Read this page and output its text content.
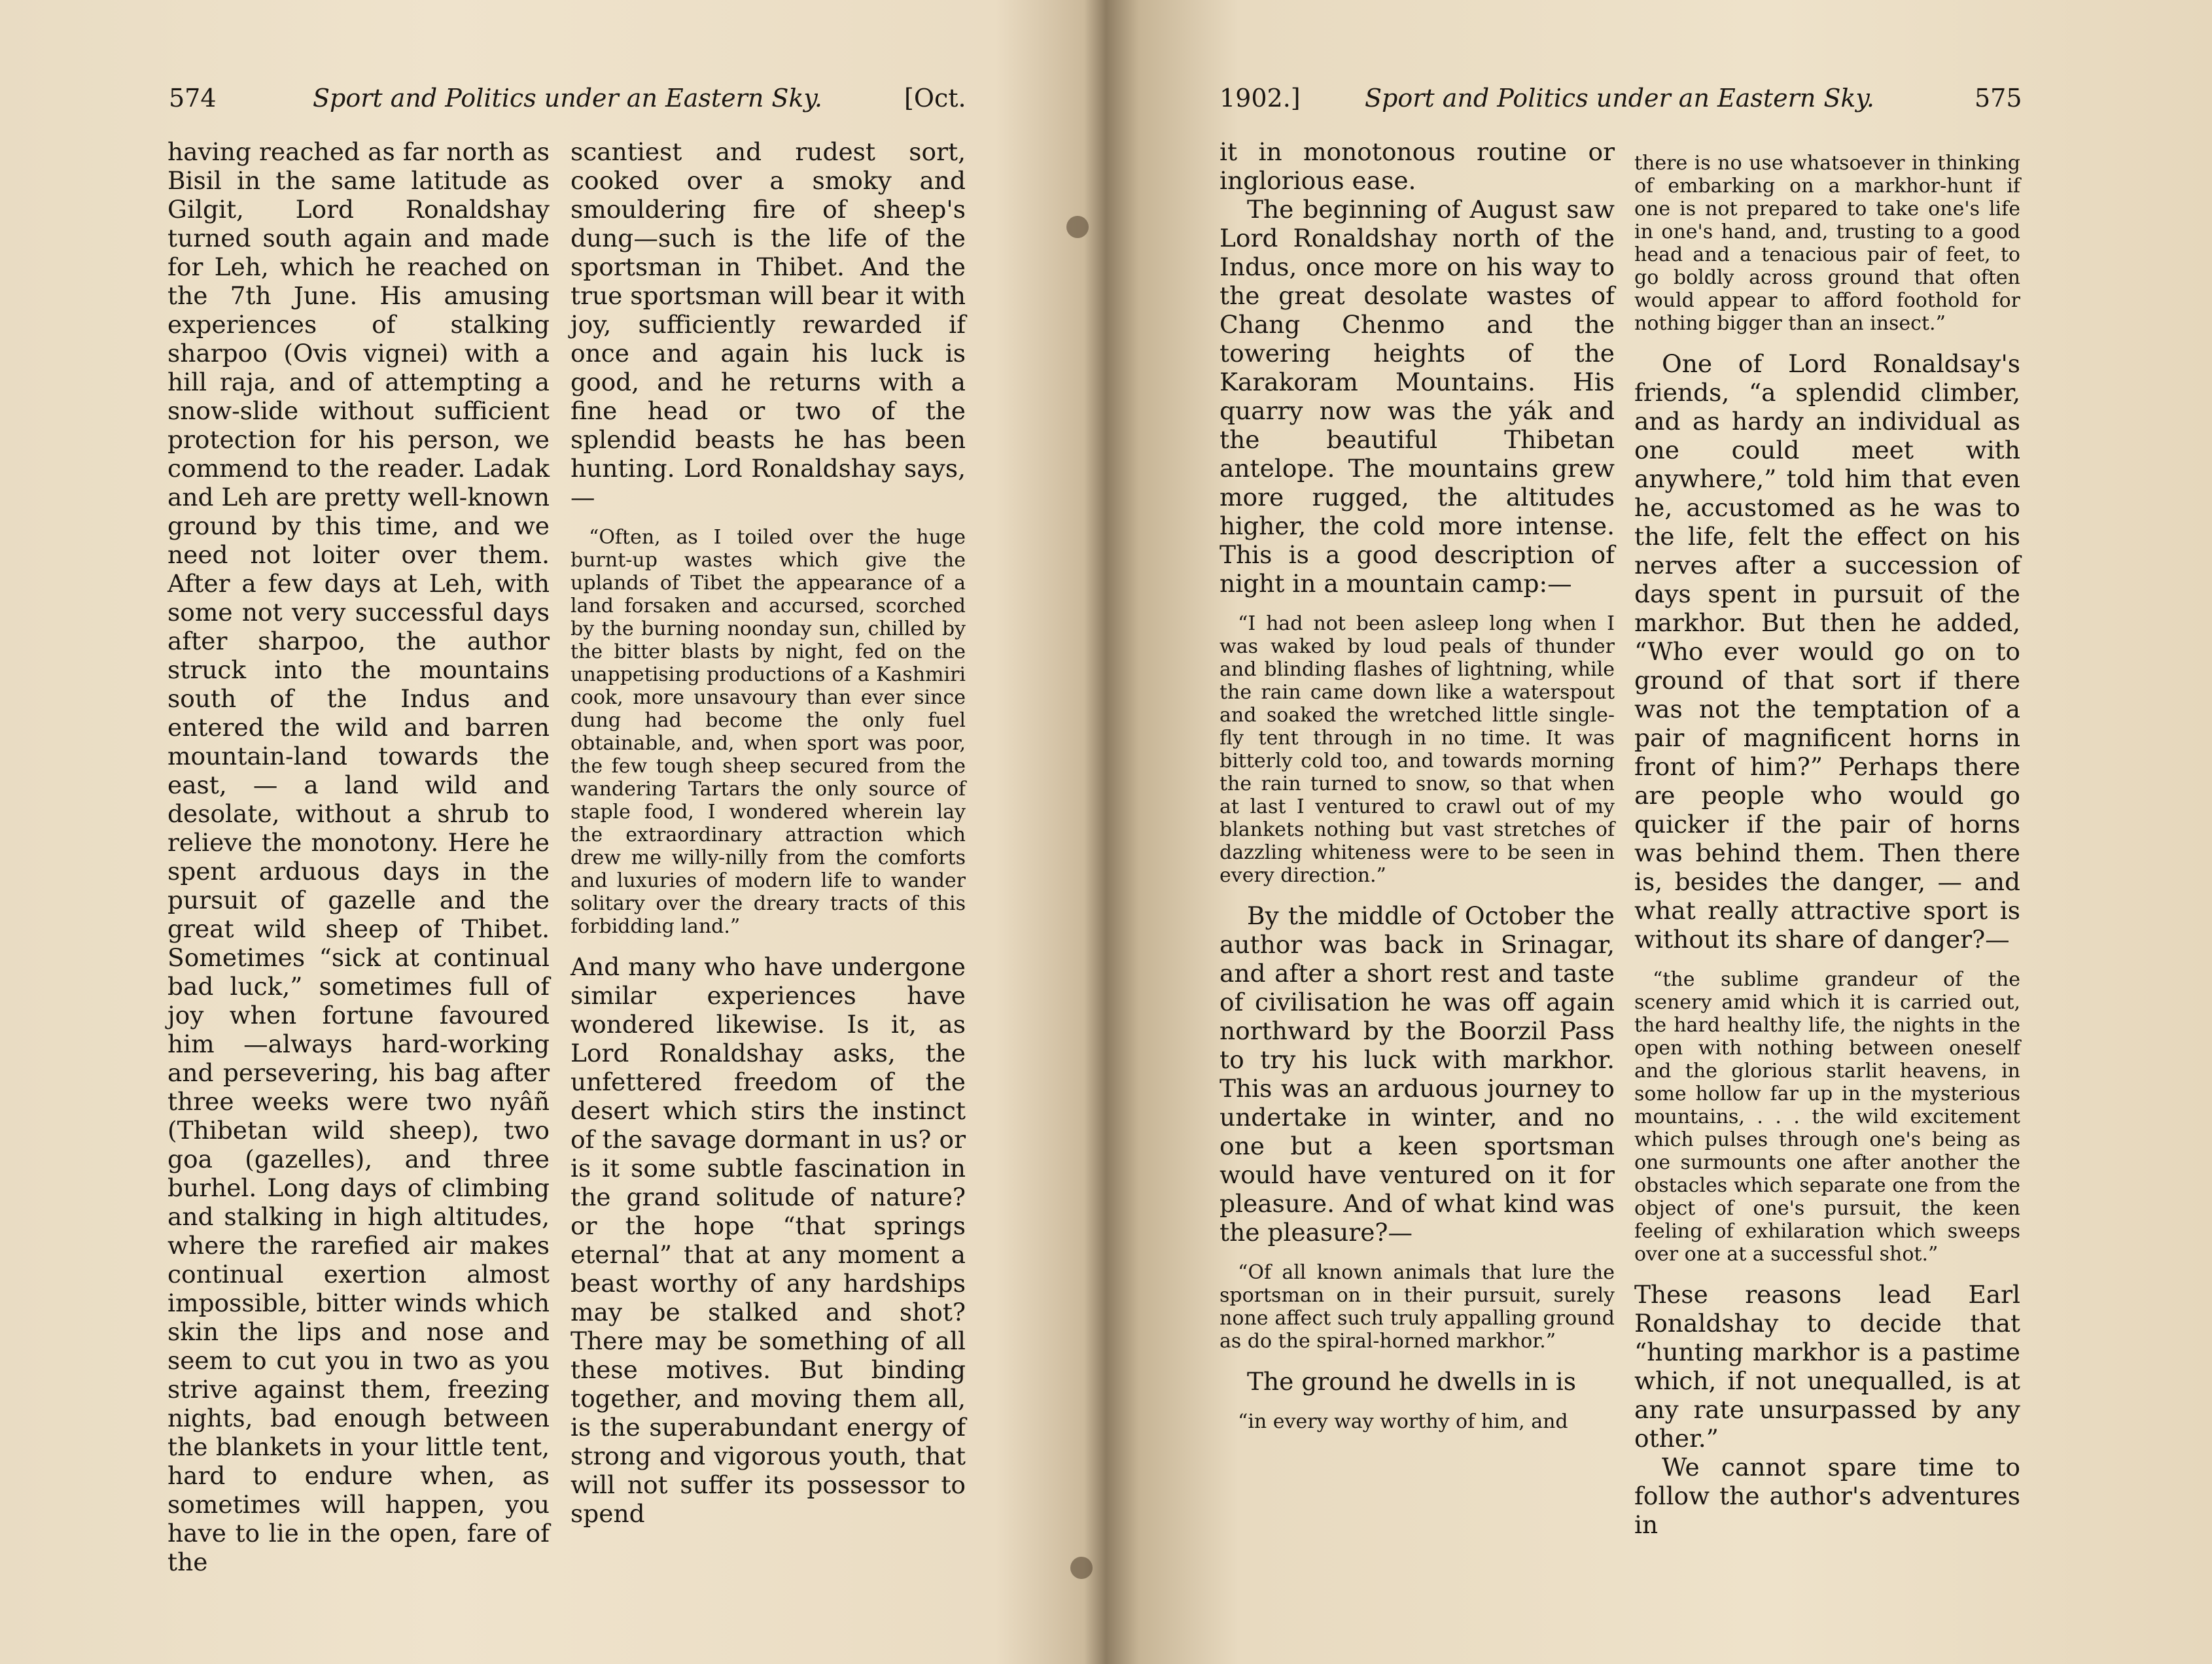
574	Sport and Politics under an Eastern Sky.	[Oct.

having reached as far north as Bisil in the same latitude as Gilgit, Lord Ronaldshay turned south again and made for Leh, which he reached on the 7th June. His amusing experiences of stalking sharpoo (Ovis vignei) with a hill raja, and of attempting a snow-slide without sufficient protection for his person, we commend to the reader. Ladak and Leh are pretty well-known ground by this time, and we need not loiter over them. After a few days at Leh, with some not very successful days after sharpoo, the author struck into the mountains south of the Indus and entered the wild and barren mountain-land towards the east, — a land wild and desolate, without a shrub to relieve the monotony. Here he spent arduous days in the pursuit of gazelle and the great wild sheep of Thibet. Sometimes “sick at continual bad luck,” sometimes full of joy when fortune favoured him —always hard-working and persevering, his bag after three weeks were two nyâñ (Thibetan wild sheep), two goa (gazelles), and three burhel. Long days of climbing and stalking in high altitudes, where the rarefied air makes continual exertion almost impossible, bitter winds which skin the lips and nose and seem to cut you in two as you strive against them, freezing nights, bad enough between the blankets in your little tent, hard to endure when, as sometimes will happen, you have to lie in the open, fare of the

scantiest and rudest sort, cooked over a smoky and smouldering fire of sheep's dung—such is the life of the sportsman in Thibet. And the true sportsman will bear it with joy, sufficiently rewarded if once and again his luck is good, and he returns with a fine head or two of the splendid beasts he has been hunting. Lord Ronaldshay says,—

“Often, as I toiled over the huge burnt-up wastes which give the uplands of Tibet the appearance of a land forsaken and accursed, scorched by the burning noonday sun, chilled by the bitter blasts by night, fed on the unappetising productions of a Kashmiri cook, more unsavoury than ever since dung had become the only fuel obtainable, and, when sport was poor, the few tough sheep secured from the wandering Tartars the only source of staple food, I wondered wherein lay the extraordinary attraction which drew me willy-nilly from the comforts and luxuries of modern life to wander solitary over the dreary tracts of this forbidding land.”

And many who have undergone similar experiences have wondered likewise. Is it, as Lord Ronaldshay asks, the unfettered freedom of the desert which stirs the instinct of the savage dormant in us? or is it some subtle fascination in the grand solitude of nature? or the hope “that springs eternal” that at any moment a beast worthy of any hardships may be stalked and shot? There may be something of all these motives. But binding together, and moving them all, is the superabundant energy of strong and vigorous youth, that will not suffer its possessor to spend

1902.]	Sport and Politics under an Eastern Sky.	575

it in monotonous routine or inglorious ease.

The beginning of August saw Lord Ronaldshay north of the Indus, once more on his way to the great desolate wastes of Chang Chenmo and the towering heights of the Karakoram Mountains. His quarry now was the yák and the beautiful Thibetan antelope. The mountains grew more rugged, the altitudes higher, the cold more intense. This is a good description of night in a mountain camp:—

“I had not been asleep long when I was waked by loud peals of thunder and blinding flashes of lightning, while the rain came down like a waterspout and soaked the wretched little single-fly tent through in no time. It was bitterly cold too, and towards morning the rain turned to snow, so that when at last I ventured to crawl out of my blankets nothing but vast stretches of dazzling whiteness were to be seen in every direction.”

By the middle of October the author was back in Srinagar, and after a short rest and taste of civilisation he was off again northward by the Boorzil Pass to try his luck with markhor. This was an arduous journey to undertake in winter, and no one but a keen sportsman would have ventured on it for pleasure. And of what kind was the pleasure?—

“Of all known animals that lure the sportsman on in their pursuit, surely none affect such truly appalling ground as do the spiral-horned markhor.”

The ground he dwells in is

“in every way worthy of him, and

there is no use whatsoever in thinking of embarking on a markhor-hunt if one is not prepared to take one's life in one's hand, and, trusting to a good head and a tenacious pair of feet, to go boldly across ground that often would appear to afford foothold for nothing bigger than an insect.”

One of Lord Ronaldsay's friends, “a splendid climber, and as hardy an individual as one could meet with anywhere,” told him that even he, accustomed as he was to the life, felt the effect on his nerves after a succession of days spent in pursuit of the markhor. But then he added, “Who ever would go on to ground of that sort if there was not the temptation of a pair of magnificent horns in front of him?” Perhaps there are people who would go quicker if the pair of horns was behind them. Then there is, besides the danger, — and what really attractive sport is without its share of danger?—

“the sublime grandeur of the scenery amid which it is carried out, the hard healthy life, the nights in the open with nothing between oneself and the glorious starlit heavens, in some hollow far up in the mysterious mountains, . . . the wild excitement which pulses through one's being as one surmounts one after another the obstacles which separate one from the object of one's pursuit, the keen feeling of exhilaration which sweeps over one at a successful shot.”

These reasons lead Earl Ronaldshay to decide that “hunting markhor is a pastime which, if not unequalled, is at any rate unsurpassed by any other.”

We cannot spare time to follow the author's adventures in
